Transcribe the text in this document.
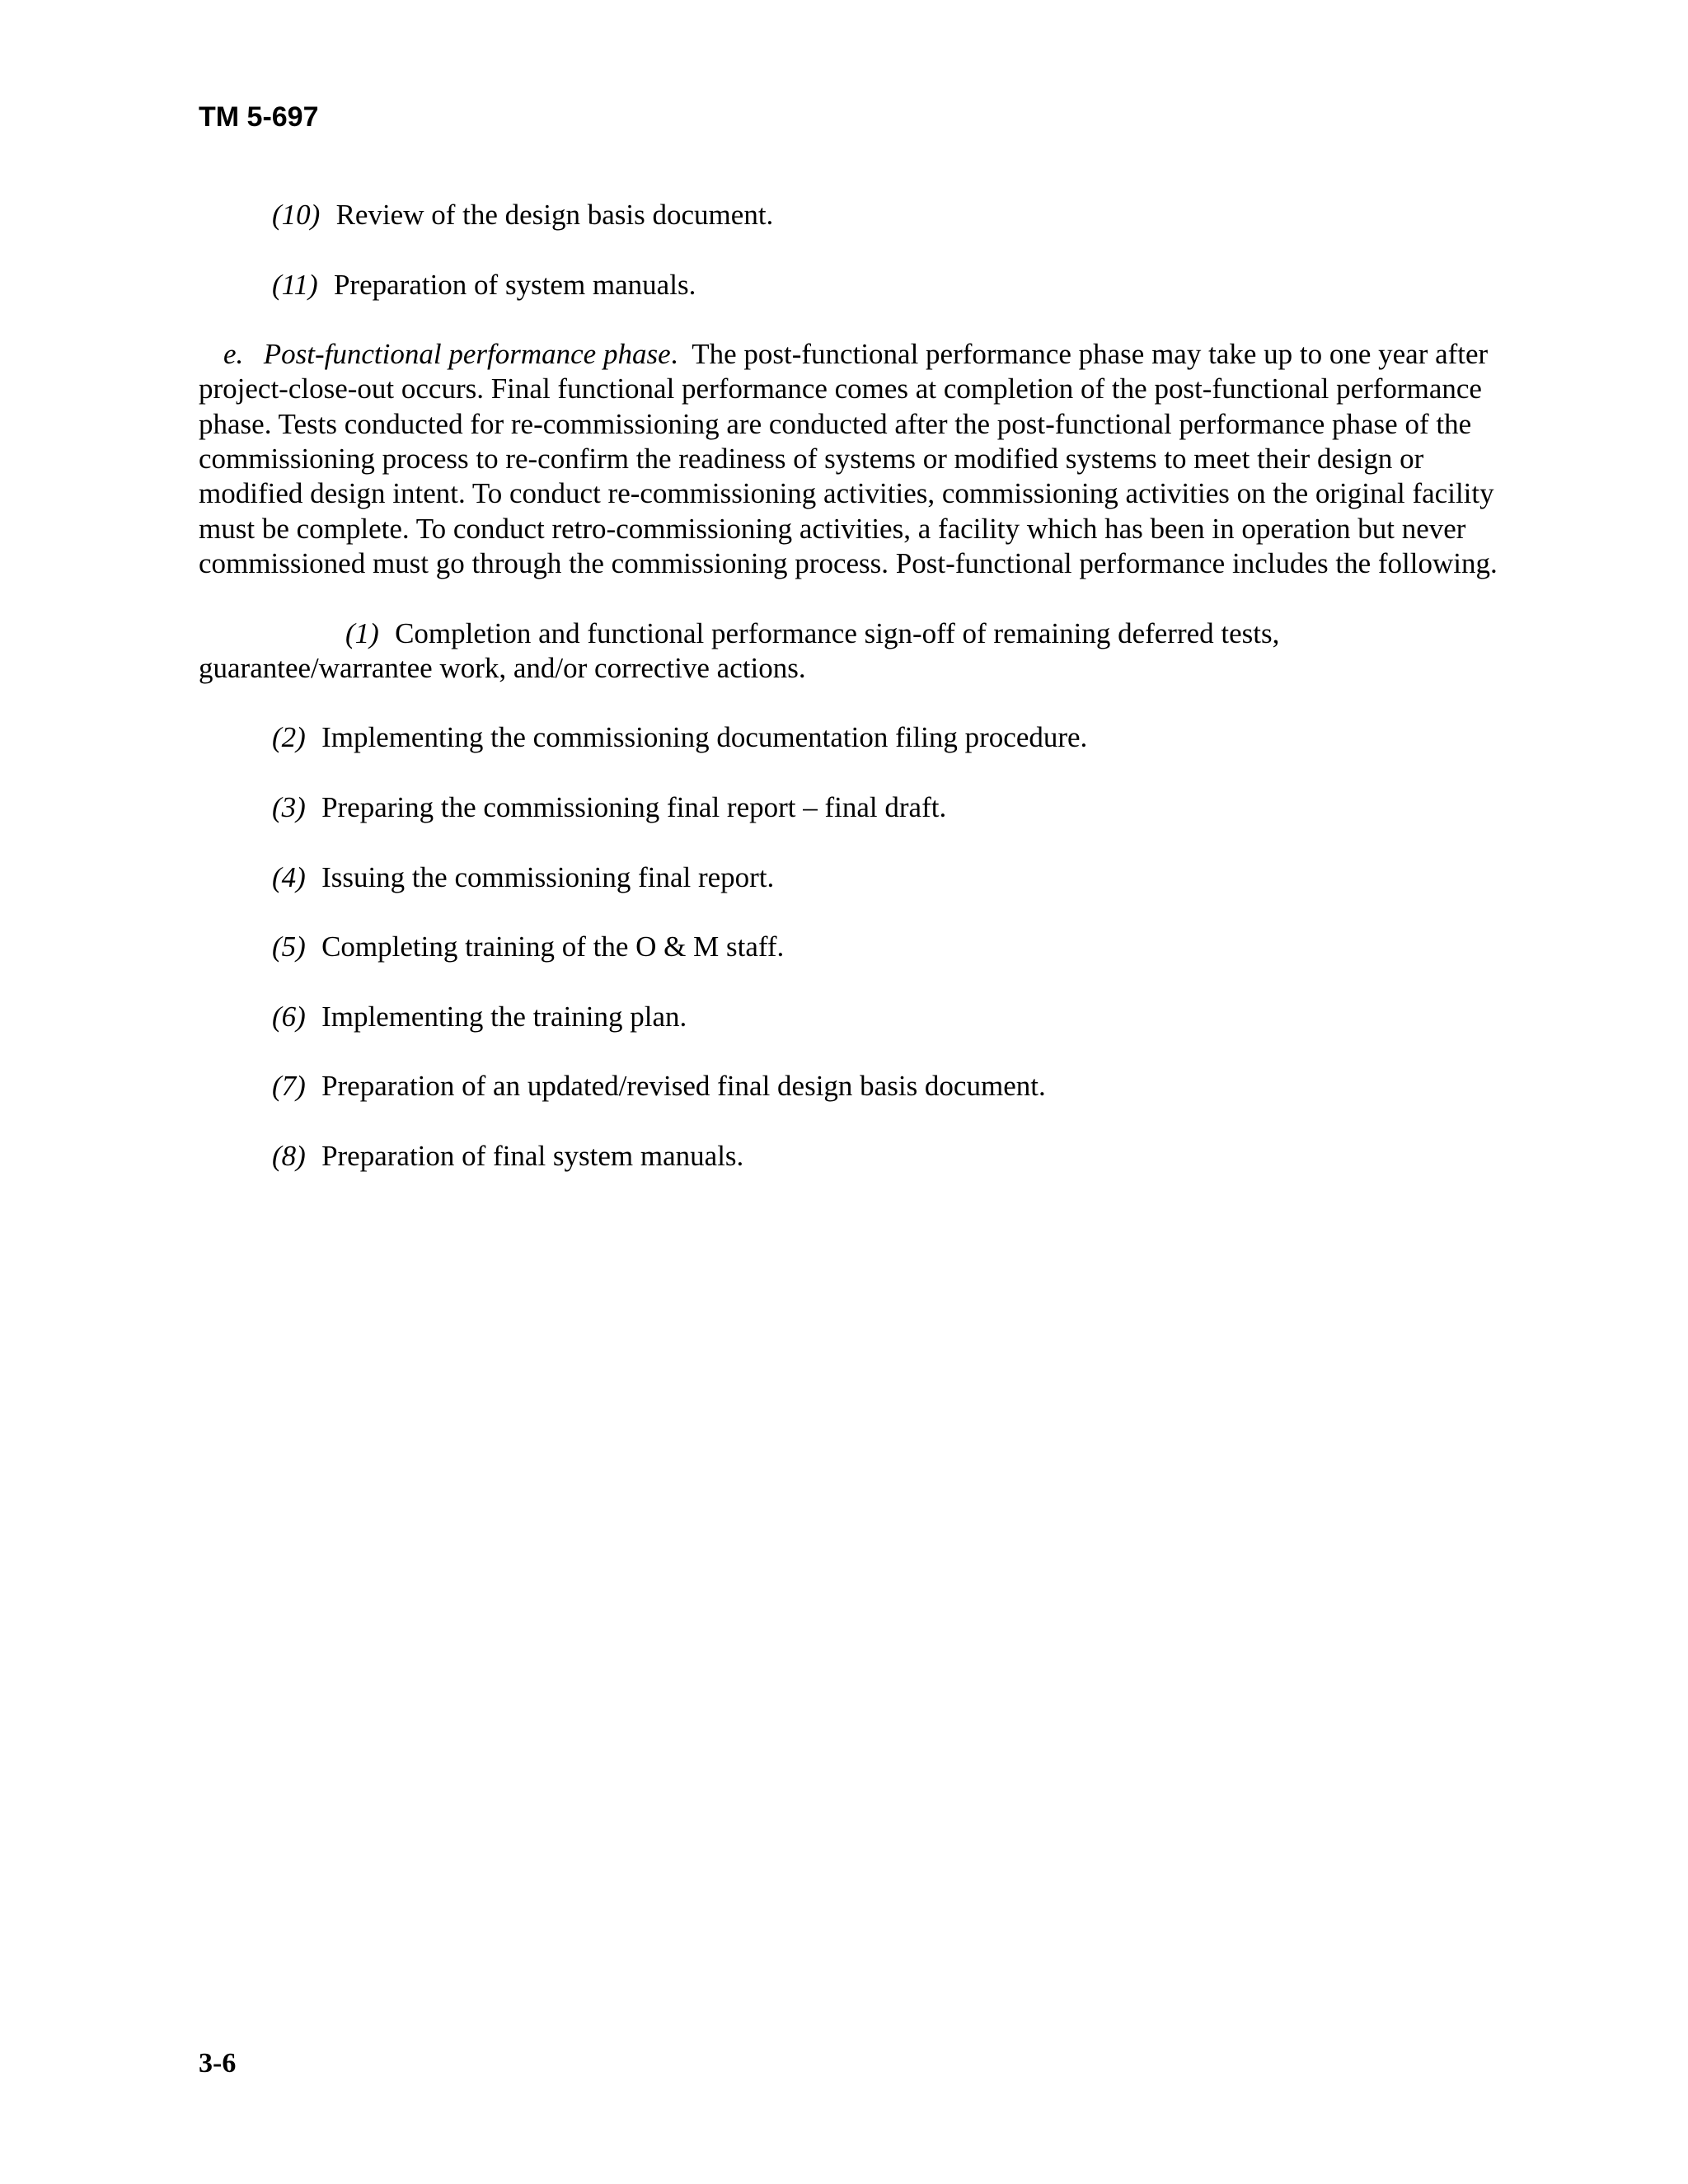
TM 5-697

(10) Review of the design basis document.

(11) Preparation of system manuals.

e. Post-functional performance phase. The post-functional performance phase may take up to one year after project-close-out occurs. Final functional performance comes at completion of the post-functional performance phase. Tests conducted for re-commissioning are conducted after the post-functional performance phase of the commissioning process to re-confirm the readiness of systems or modified systems to meet their design or modified design intent. To conduct re-commissioning activities, commissioning activities on the original facility must be complete. To conduct retro-commissioning activities, a facility which has been in operation but never commissioned must go through the commissioning process. Post-functional performance includes the following.

(1) Completion and functional performance sign-off of remaining deferred tests, guarantee/warrantee work, and/or corrective actions.

(2) Implementing the commissioning documentation filing procedure.

(3) Preparing the commissioning final report – final draft.

(4) Issuing the commissioning final report.

(5) Completing training of the O & M staff.

(6) Implementing the training plan.

(7) Preparation of an updated/revised final design basis document.

(8) Preparation of final system manuals.

3-6
